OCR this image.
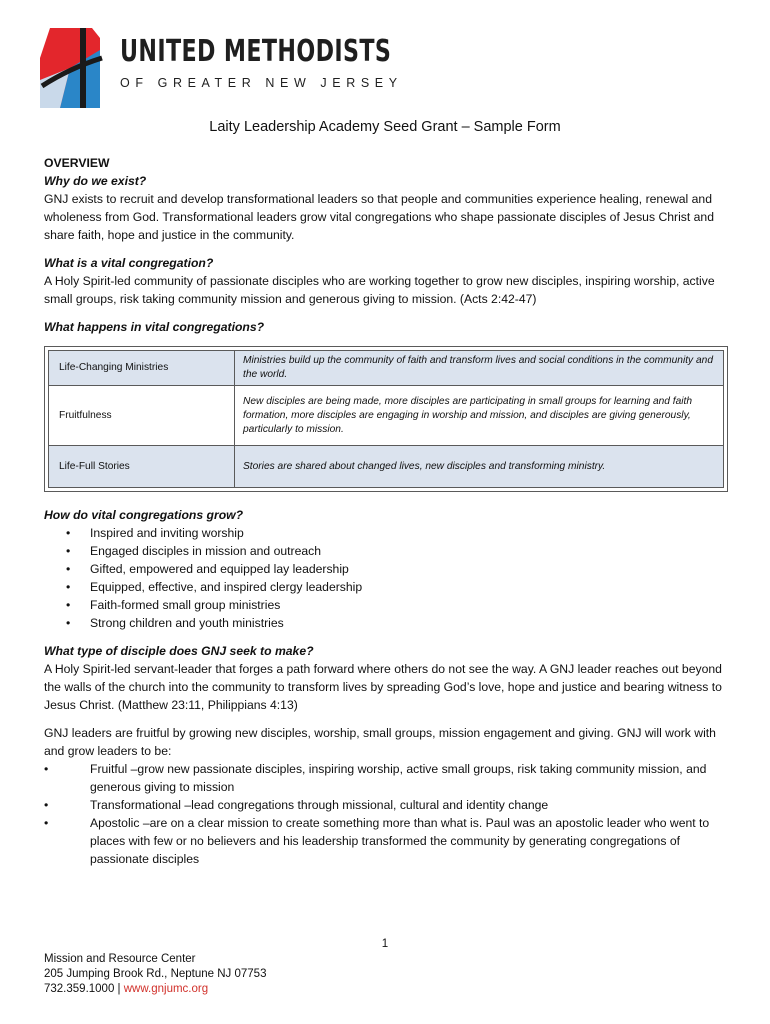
UNITED METHODISTS
OF GREATER NEW JERSEY
Laity Leadership Academy Seed Grant – Sample Form

OVERVIEW

Why do we exist?

GNJ exists to recruit and develop transformational leaders so that people and communities experience healing, renewal and wholeness from God. Transformational leaders grow vital congregations who shape passionate disciples of Jesus Christ and share faith, hope and justice in the community.

What is a vital congregation?

A Holy Spirit-led community of passionate disciples who are working together to grow new disciples, inspiring worship, active small groups, risk taking community mission and generous giving to mission. (Acts 2:42-47)

What happens in vital congregations?

Life-Changing Ministries	Ministries build up the community of faith and transform lives and social conditions in the community and the world.
Fruitfulness	New disciples are being made, more disciples are participating in small groups for learning and faith formation, more disciples are engaging in worship and mission, and disciples are giving generously, particularly to mission.
Life-Full Stories	Stories are shared about changed lives, new disciples and transforming ministry.

How do vital congregations grow?

• Inspired and inviting worship
• Engaged disciples in mission and outreach
• Gifted, empowered and equipped lay leadership
• Equipped, effective, and inspired clergy leadership
• Faith-formed small group ministries
• Strong children and youth ministries

What type of disciple does GNJ seek to make?

A Holy Spirit-led servant-leader that forges a path forward where others do not see the way. A GNJ leader reaches out beyond the walls of the church into the community to transform lives by spreading God’s love, hope and justice and bearing witness to Jesus Christ. (Matthew 23:11, Philippians 4:13)

GNJ leaders are fruitful by growing new disciples, worship, small groups, mission engagement and giving. GNJ will work with and grow leaders to be:

•	Fruitful –grow new passionate disciples, inspiring worship, active small groups, risk taking community mission, and generous giving to mission
•	Transformational –lead congregations through missional, cultural and identity change
•	Apostolic –are on a clear mission to create something more than what is. Paul was an apostolic leader who went to places with few or no believers and his leadership transformed the community by generating congregations of passionate disciples
1
Mission and Resource Center
205 Jumping Brook Rd., Neptune NJ 07753
732.359.1000 | www.gnjumc.org
